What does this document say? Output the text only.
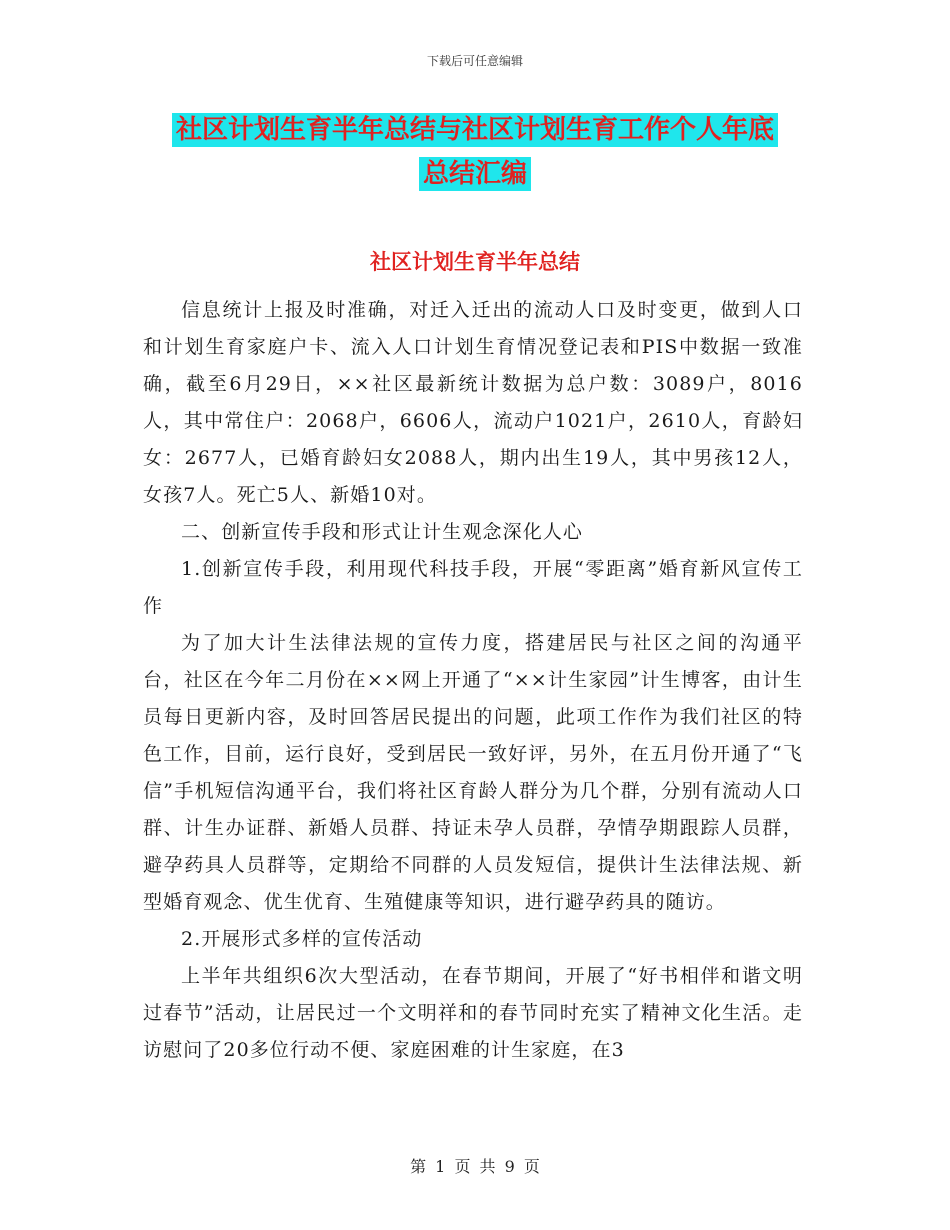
下载后可任意编辑
社区计划生育半年总结与社区计划生育工作个人年底
总结汇编
社区计划生育半年总结

信息统计上报及时准确，对迁入迁出的流动人口及时变更，做到人口和计划生育家庭户卡、流入人口计划生育情况登记表和PIS中数据一致准确，截至6月29日，××社区最新统计数据为总户数：3089户，8016人，其中常住户：2068户，6606人，流动户1021户，2610人，育龄妇女：2677人，已婚育龄妇女2088人，期内出生19人，其中男孩12人，女孩7人。死亡5人、新婚10对。

二、创新宣传手段和形式让计生观念深化人心

1.创新宣传手段，利用现代科技手段，开展“零距离”婚育新风宣传工作

为了加大计生法律法规的宣传力度，搭建居民与社区之间的沟通平台，社区在今年二月份在××网上开通了“××计生家园”计生博客，由计生员每日更新内容，及时回答居民提出的问题，此项工作作为我们社区的特色工作，目前，运行良好，受到居民一致好评，另外，在五月份开通了“飞信”手机短信沟通平台，我们将社区育龄人群分为几个群，分别有流动人口群、计生办证群、新婚人员群、持证未孕人员群，孕情孕期跟踪人员群，避孕药具人员群等，定期给不同群的人员发短信，提供计生法律法规、新型婚育观念、优生优育、生殖健康等知识，进行避孕药具的随访。

2.开展形式多样的宣传活动

上半年共组织6次大型活动，在春节期间，开展了“好书相伴和谐文明过春节”活动，让居民过一个文明祥和的春节同时充实了精神文化生活。走访慰问了20多位行动不便、家庭困难的计生家庭，在3

第 1 页 共 9 页
